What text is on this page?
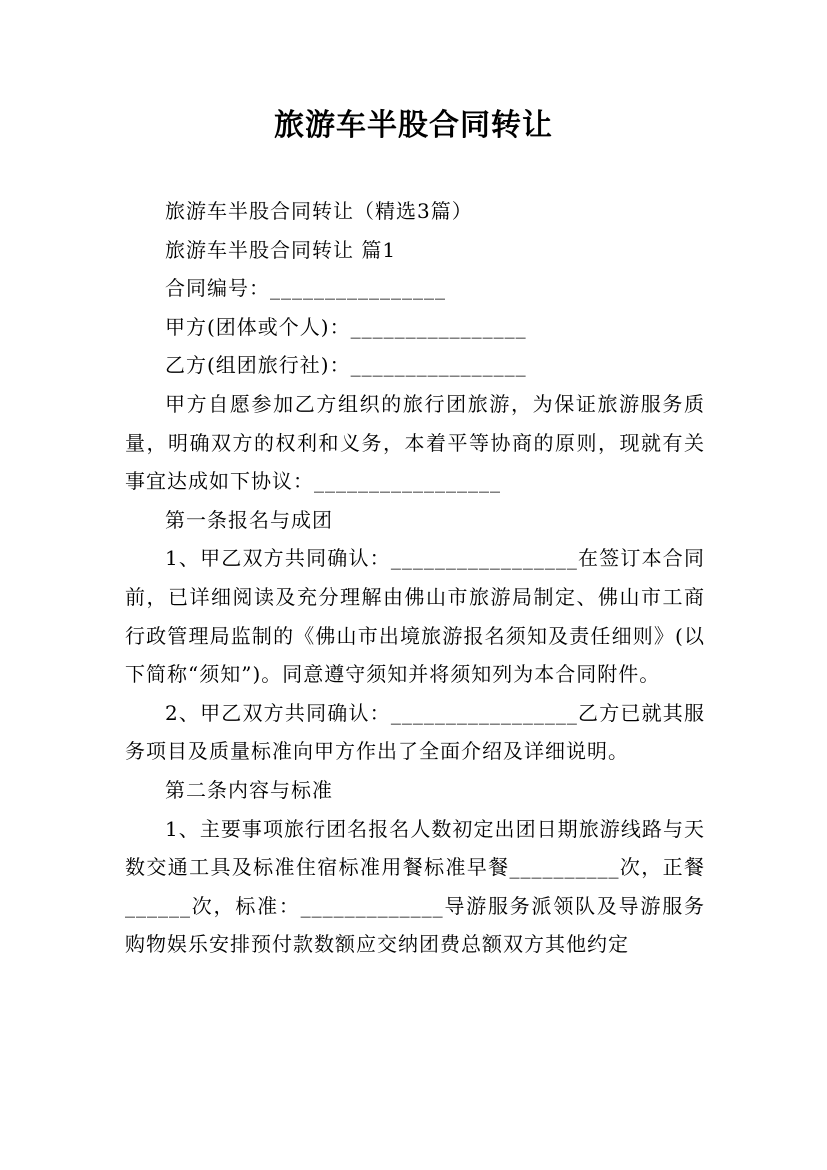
旅游车半股合同转让

旅游车半股合同转让（精选3篇）

旅游车半股合同转让 篇1

合同编号：________________

甲方(团体或个人)：________________

乙方(组团旅行社)：________________

甲方自愿参加乙方组织的旅行团旅游，为保证旅游服务质量，明确双方的权利和义务，本着平等协商的原则，现就有关事宜达成如下协议：_________________

第一条报名与成团

1、甲乙双方共同确认：_________________在签订本合同前，已详细阅读及充分理解由佛山市旅游局制定、佛山市工商行政管理局监制的《佛山市出境旅游报名须知及责任细则》(以下简称“须知”)。同意遵守须知并将须知列为本合同附件。

2、甲乙双方共同确认：_________________乙方已就其服务项目及质量标准向甲方作出了全面介绍及详细说明。

第二条内容与标准

1、主要事项旅行团名报名人数初定出团日期旅游线路与天数交通工具及标准住宿标准用餐标准早餐__________次，正餐______次，标准：_____________导游服务派领队及导游服务购物娱乐安排预付款数额应交纳团费总额双方其他约定
